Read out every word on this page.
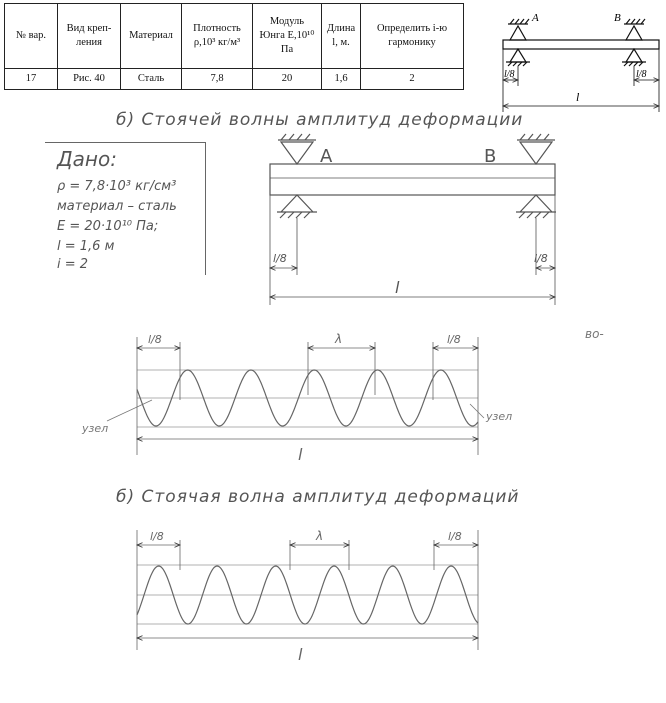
№ вар.	Вид креп-ления	Материал	Плотность ρ,10³ кг/м³	Модуль Юнга Е,10¹⁰ Па	Длина l, м.	Определить i-ю гармонику
17	Рис. 40	Сталь	7,8	20	1,6	2
A	B
l/8	l/8
l
A	B
l/8	l/8
l
l/8	λ	l/8
узел
узел
l
во-
l/8	λ	l/8
l
б) Стоячей волны амплитуд деформации
Дано:
ρ = 7,8·10³ кг/см³
материал – сталь
E = 20·10¹⁰ Па;
l = 1,6 м
i = 2
б) Стоячая волна амплитуд деформаций
